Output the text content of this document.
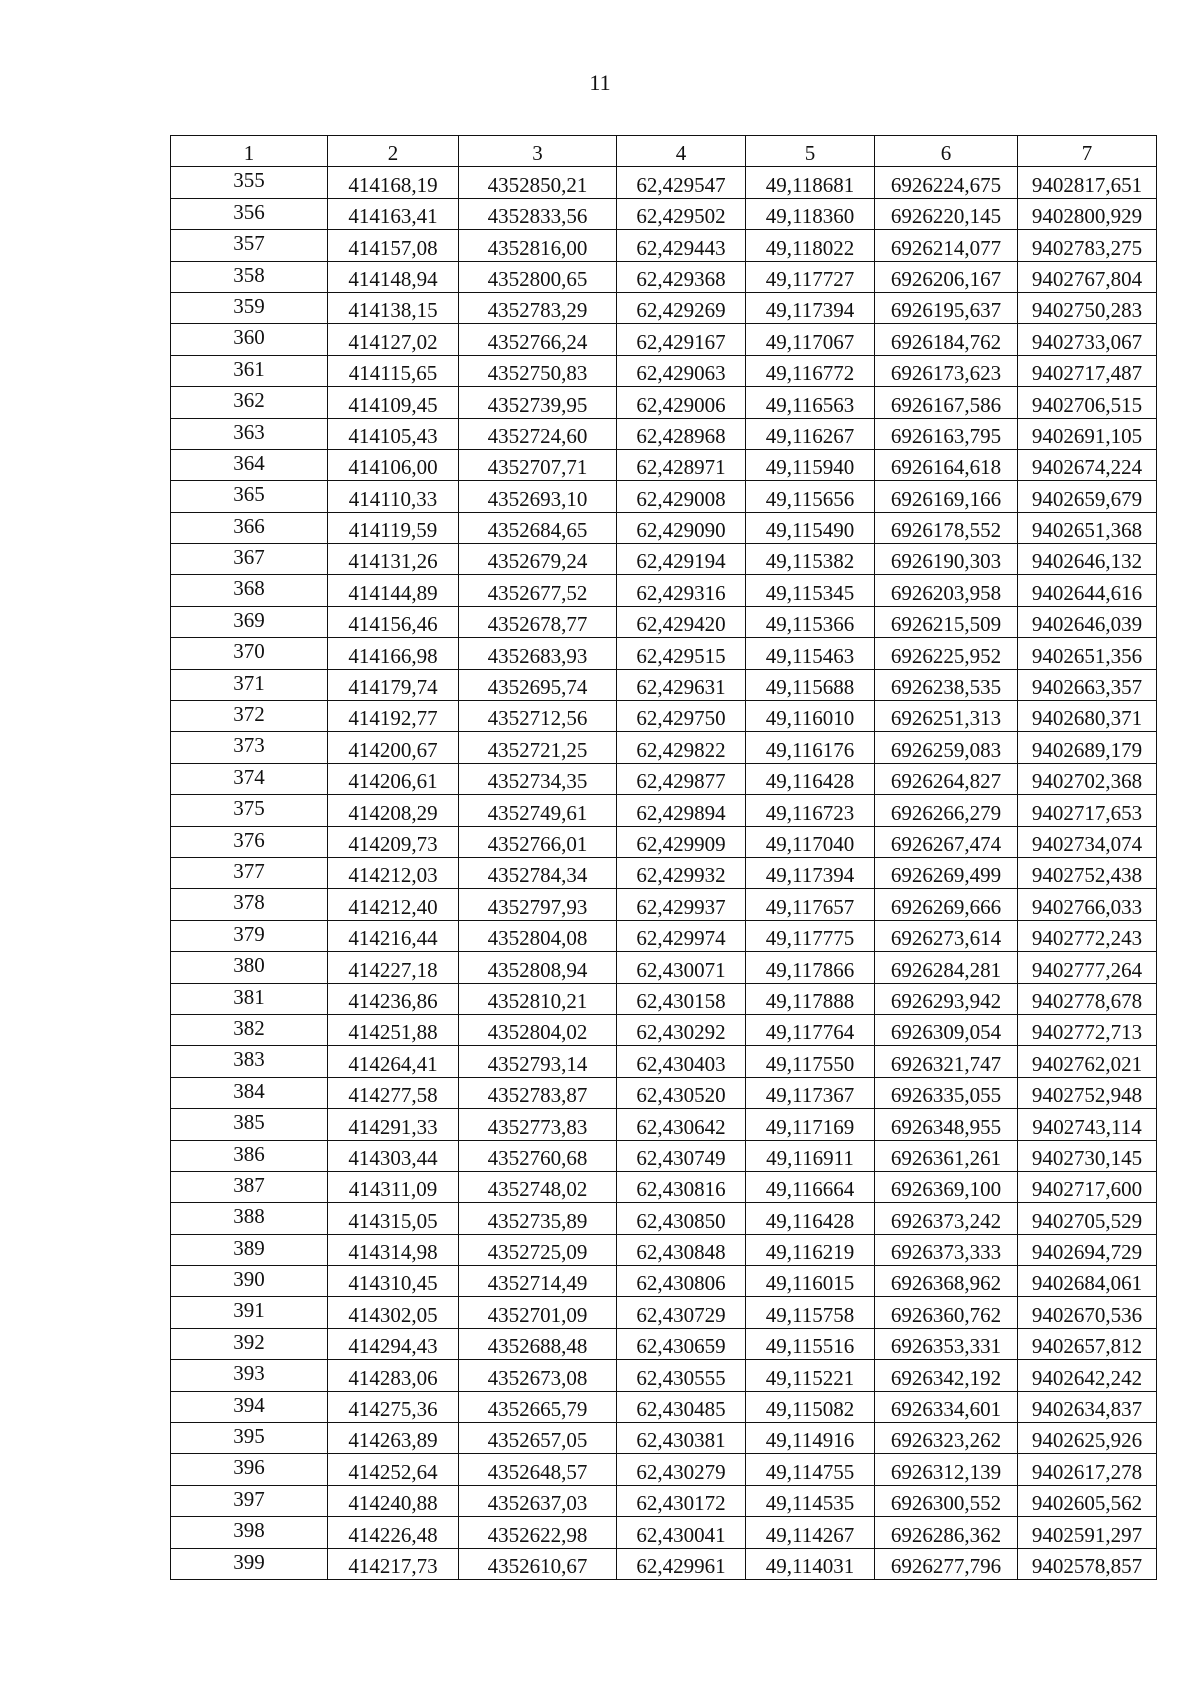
11
1	2	3	4	5	6	7
355	414168,19	4352850,21	62,429547	49,118681	6926224,675	9402817,651
356	414163,41	4352833,56	62,429502	49,118360	6926220,145	9402800,929
357	414157,08	4352816,00	62,429443	49,118022	6926214,077	9402783,275
358	414148,94	4352800,65	62,429368	49,117727	6926206,167	9402767,804
359	414138,15	4352783,29	62,429269	49,117394	6926195,637	9402750,283
360	414127,02	4352766,24	62,429167	49,117067	6926184,762	9402733,067
361	414115,65	4352750,83	62,429063	49,116772	6926173,623	9402717,487
362	414109,45	4352739,95	62,429006	49,116563	6926167,586	9402706,515
363	414105,43	4352724,60	62,428968	49,116267	6926163,795	9402691,105
364	414106,00	4352707,71	62,428971	49,115940	6926164,618	9402674,224
365	414110,33	4352693,10	62,429008	49,115656	6926169,166	9402659,679
366	414119,59	4352684,65	62,429090	49,115490	6926178,552	9402651,368
367	414131,26	4352679,24	62,429194	49,115382	6926190,303	9402646,132
368	414144,89	4352677,52	62,429316	49,115345	6926203,958	9402644,616
369	414156,46	4352678,77	62,429420	49,115366	6926215,509	9402646,039
370	414166,98	4352683,93	62,429515	49,115463	6926225,952	9402651,356
371	414179,74	4352695,74	62,429631	49,115688	6926238,535	9402663,357
372	414192,77	4352712,56	62,429750	49,116010	6926251,313	9402680,371
373	414200,67	4352721,25	62,429822	49,116176	6926259,083	9402689,179
374	414206,61	4352734,35	62,429877	49,116428	6926264,827	9402702,368
375	414208,29	4352749,61	62,429894	49,116723	6926266,279	9402717,653
376	414209,73	4352766,01	62,429909	49,117040	6926267,474	9402734,074
377	414212,03	4352784,34	62,429932	49,117394	6926269,499	9402752,438
378	414212,40	4352797,93	62,429937	49,117657	6926269,666	9402766,033
379	414216,44	4352804,08	62,429974	49,117775	6926273,614	9402772,243
380	414227,18	4352808,94	62,430071	49,117866	6926284,281	9402777,264
381	414236,86	4352810,21	62,430158	49,117888	6926293,942	9402778,678
382	414251,88	4352804,02	62,430292	49,117764	6926309,054	9402772,713
383	414264,41	4352793,14	62,430403	49,117550	6926321,747	9402762,021
384	414277,58	4352783,87	62,430520	49,117367	6926335,055	9402752,948
385	414291,33	4352773,83	62,430642	49,117169	6926348,955	9402743,114
386	414303,44	4352760,68	62,430749	49,116911	6926361,261	9402730,145
387	414311,09	4352748,02	62,430816	49,116664	6926369,100	9402717,600
388	414315,05	4352735,89	62,430850	49,116428	6926373,242	9402705,529
389	414314,98	4352725,09	62,430848	49,116219	6926373,333	9402694,729
390	414310,45	4352714,49	62,430806	49,116015	6926368,962	9402684,061
391	414302,05	4352701,09	62,430729	49,115758	6926360,762	9402670,536
392	414294,43	4352688,48	62,430659	49,115516	6926353,331	9402657,812
393	414283,06	4352673,08	62,430555	49,115221	6926342,192	9402642,242
394	414275,36	4352665,79	62,430485	49,115082	6926334,601	9402634,837
395	414263,89	4352657,05	62,430381	49,114916	6926323,262	9402625,926
396	414252,64	4352648,57	62,430279	49,114755	6926312,139	9402617,278
397	414240,88	4352637,03	62,430172	49,114535	6926300,552	9402605,562
398	414226,48	4352622,98	62,430041	49,114267	6926286,362	9402591,297
399	414217,73	4352610,67	62,429961	49,114031	6926277,796	9402578,857
